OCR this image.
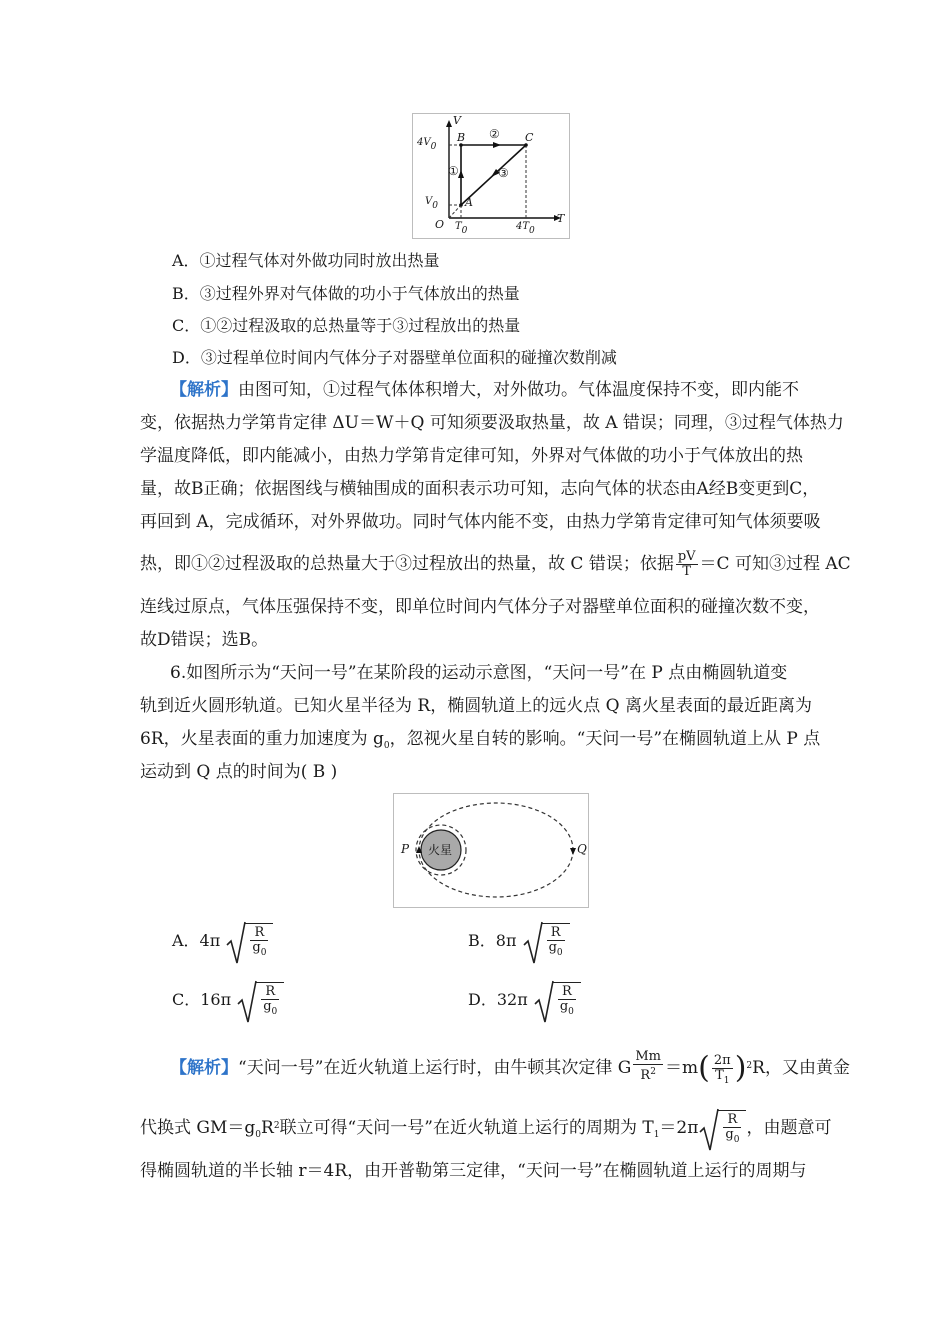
V
T
O
4V0
V0
T0	4T0
A
B	C
①
②
③
A．①过程气体对外做功同时放出热量
B．③过程外界对气体做的功小于气体放出的热量
C．①②过程汲取的总热量等于③过程放出的热量
D．③过程单位时间内气体分子对器壁单位面积的碰撞次数削减
【解析】由图可知，①过程气体体积增大，对外做功。气体温度保持不变，即内能不
变，依据热力学第肯定律 ΔU＝W＋Q 可知须要汲取热量，故 A 错误；同理，③过程气体热力
学温度降低，即内能减小，由热力学第肯定律可知，外界对气体做的功小于气体放出的热
量，故B正确；依据图线与横轴围成的面积表示功可知，志向气体的状态由A经B变更到C，
再回到 A，完成循环，对外界做功。同时气体内能不变，由热力学第肯定律可知气体须要吸
热，即①②过程汲取的总热量大于③过程放出的热量，故 C 错误；依据 $\frac{pV}{T} =C$ 可知③过程 AC
连线过原点，气体压强保持不变，即单位时间内气体分子对器壁单位面积的碰撞次数不变，
故D错误；选B。
6.如图所示为“天问一号”在某阶段的运动示意图，“天问一号”在 P 点由椭圆轨道变
轨到近火圆形轨道。已知火星半径为 R，椭圆轨道上的远火点 Q 离火星表面的最近距离为
6R，火星表面的重力加速度为 $g_0$，忽视火星自转的影响。“天问一号”在椭圆轨道上从 P 点
运动到 Q 点的时间为( B )
火星
P	Q
A．$4\pi \frac{R}{g_0}$	B．$8\pi \frac{R}{g_0}$
C．$16\pi \frac{R}{g_0}$	D．$32\pi \frac{R}{g_0}$
【解析】“天问一号”在近火轨道上运行时，由牛顿其次定律 G $\frac{Mm}{R^2} =m( \frac{2\pi}{T_1} )^2R$，又由黄金
代换式 $GM=g_0R^2$联立可得“天问一号”在近火轨道上运行的周期为 $T_1=2\pi \frac{R}{g_0}$ ，由题意可
得椭圆轨道的半长轴 r＝4R，由开普勒第三定律，“天问一号”在椭圆轨道上运行的周期与
